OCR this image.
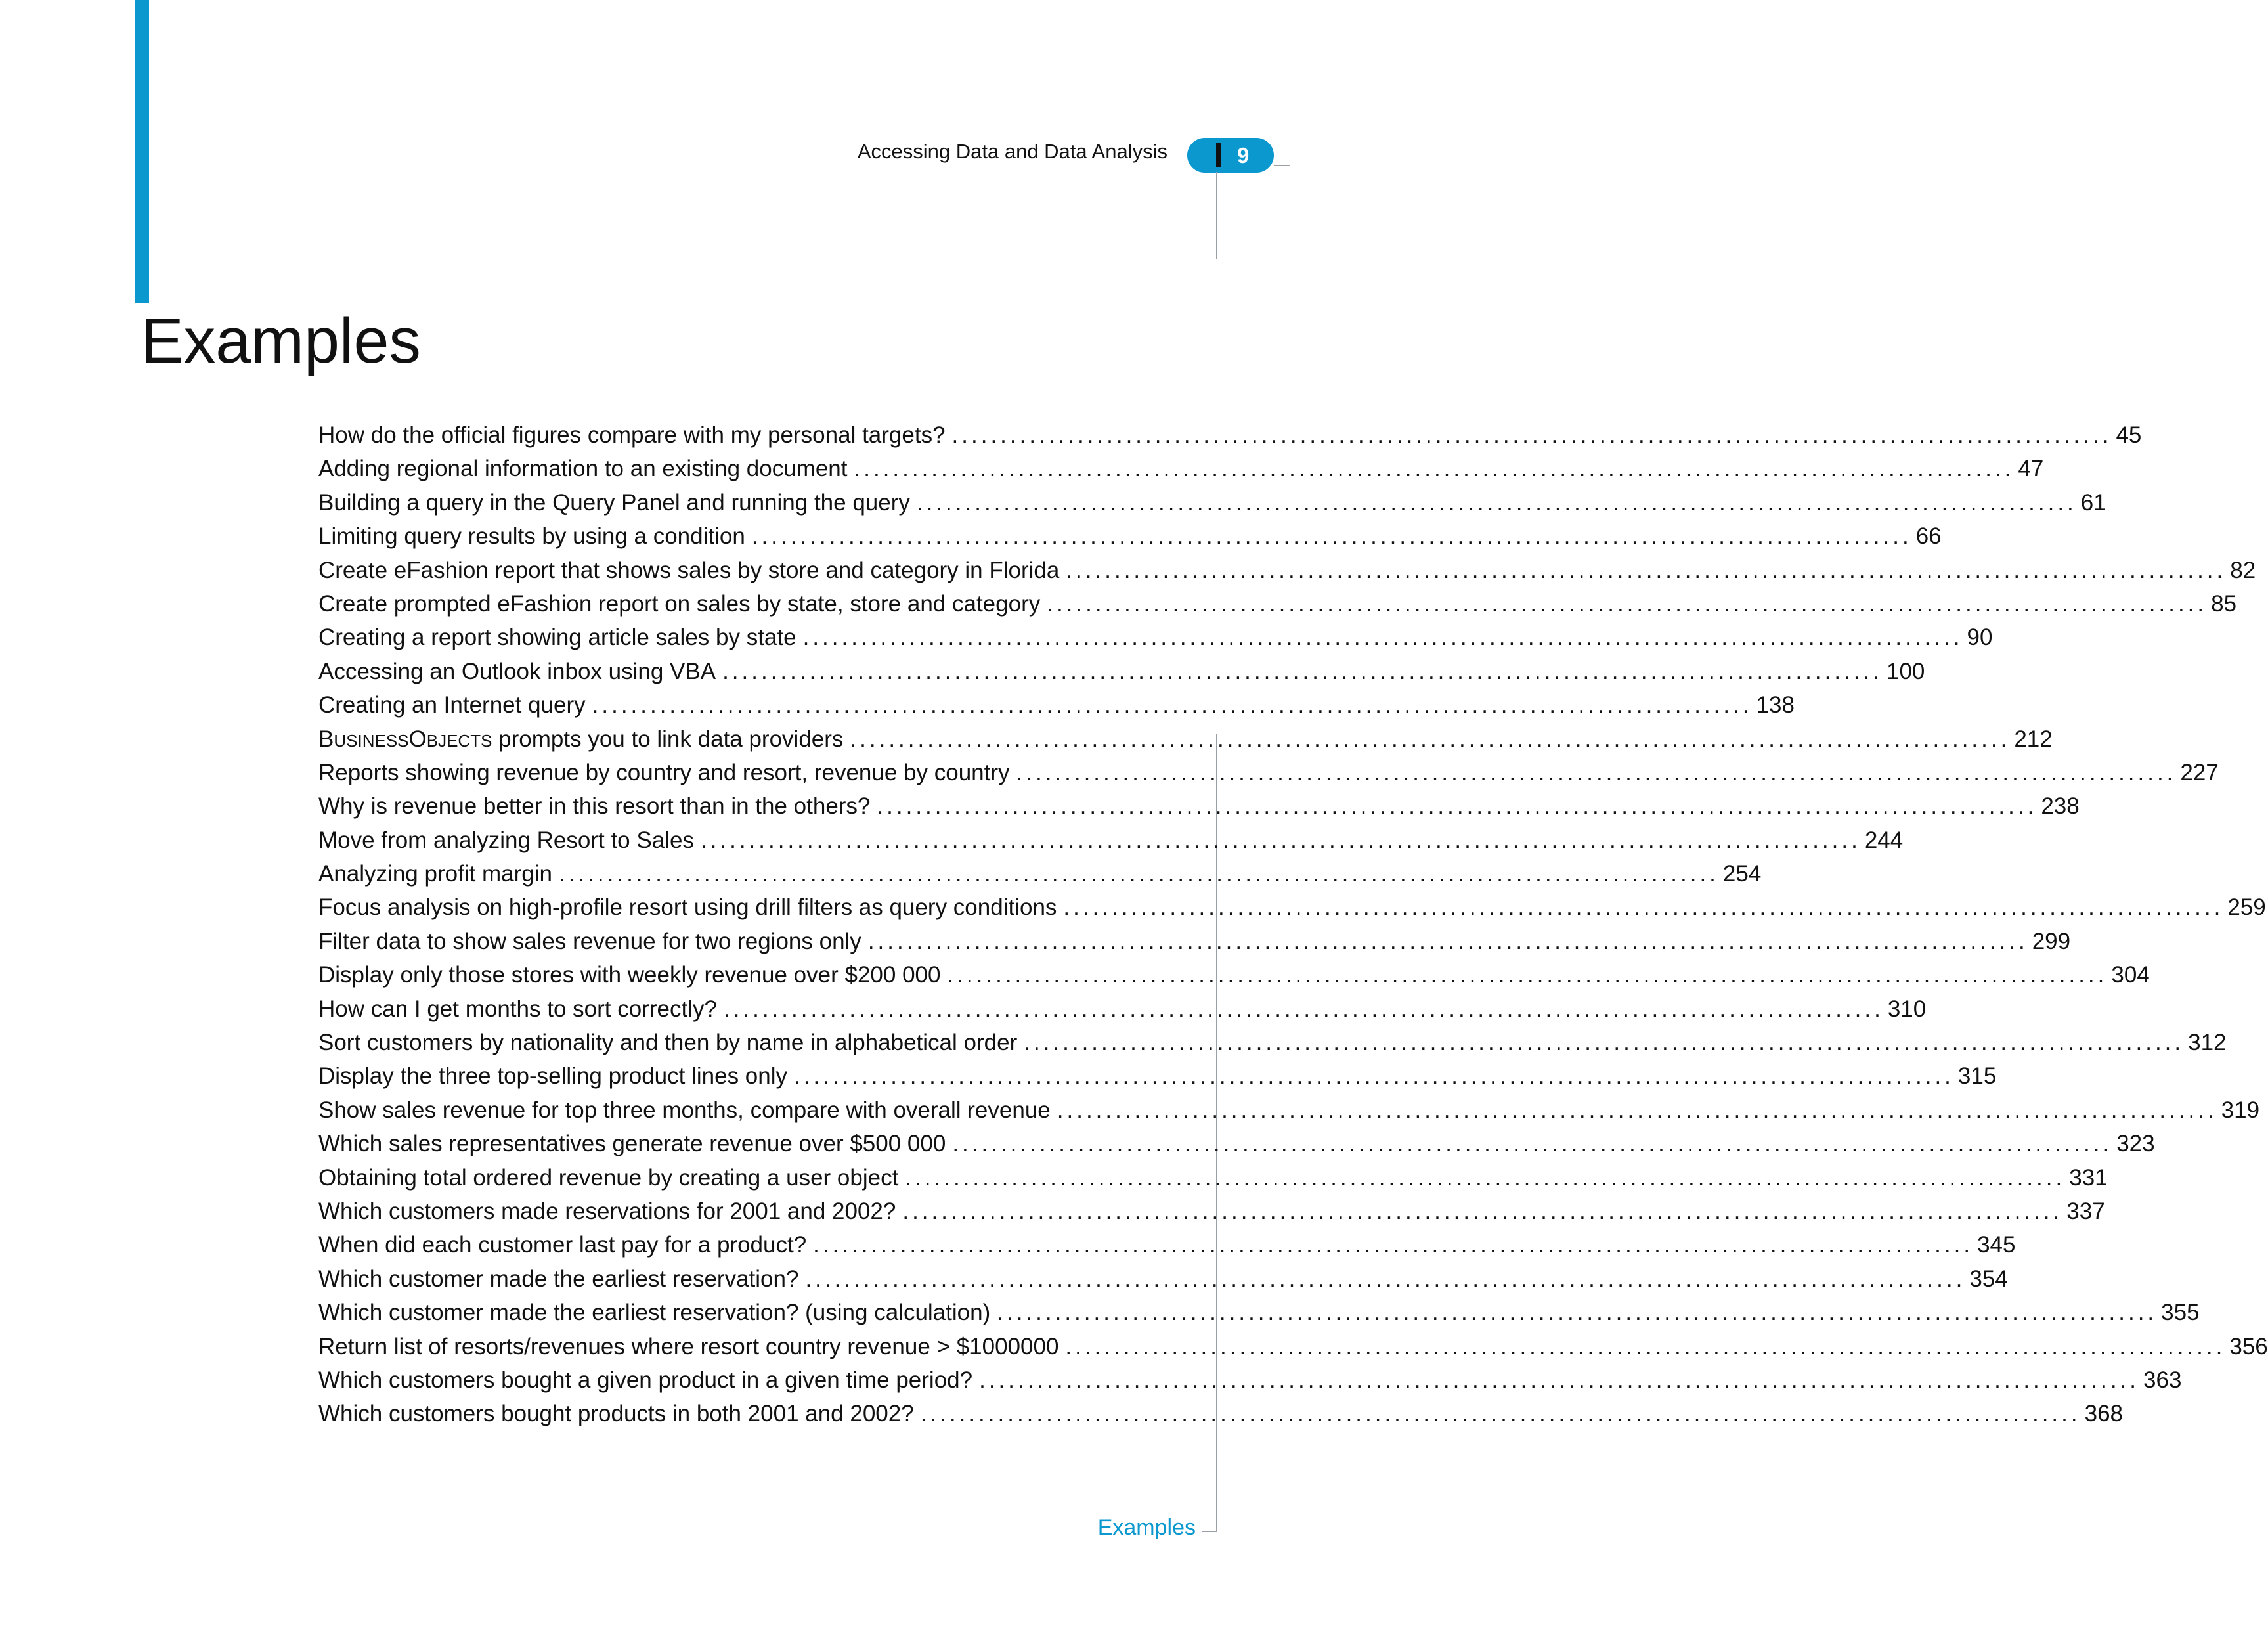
Accessing Data and Data Analysis	9
Examples
How do the official figures compare with my personal targets? ........................................................................................................................ 45
Adding regional information to an existing document ........................................................................................................................ 47
Building a query in the Query Panel and running the query ........................................................................................................................ 61
Limiting query results by using a condition ........................................................................................................................ 66
Create eFashion report that shows sales by store and category in Florida ........................................................................................................................ 82
Create prompted eFashion report on sales by state, store and category ........................................................................................................................ 85
Creating a report showing article sales by state ........................................................................................................................ 90
Accessing an Outlook inbox using VBA ........................................................................................................................ 100
Creating an Internet query ........................................................................................................................ 138
BUSINESSOBJECTS prompts you to link data providers ........................................................................................................................ 212
Reports showing revenue by country and resort, revenue by country ........................................................................................................................ 227
Why is revenue better in this resort than in the others? ........................................................................................................................ 238
Move from analyzing Resort to Sales ........................................................................................................................ 244
Analyzing profit margin ........................................................................................................................ 254
Focus analysis on high-profile resort using drill filters as query conditions ........................................................................................................................ 259
Filter data to show sales revenue for two regions only ........................................................................................................................ 299
Display only those stores with weekly revenue over $200 000 ........................................................................................................................ 304
How can I get months to sort correctly? ........................................................................................................................ 310
Sort customers by nationality and then by name in alphabetical order ........................................................................................................................ 312
Display the three top-selling product lines only ........................................................................................................................ 315
Show sales revenue for top three months, compare with overall revenue ........................................................................................................................ 319
Which sales representatives generate revenue over $500 000 ........................................................................................................................ 323
Obtaining total ordered revenue by creating a user object ........................................................................................................................ 331
Which customers made reservations for 2001 and 2002? ........................................................................................................................ 337
When did each customer last pay for a product? ........................................................................................................................ 345
Which customer made the earliest reservation? ........................................................................................................................ 354
Which customer made the earliest reservation? (using calculation) ........................................................................................................................ 355
Return list of resorts/revenues where resort country revenue > $1000000 ........................................................................................................................ 356
Which customers bought a given product in a given time period? ........................................................................................................................ 363
Which customers bought products in both 2001 and 2002? ........................................................................................................................ 368
Examples
